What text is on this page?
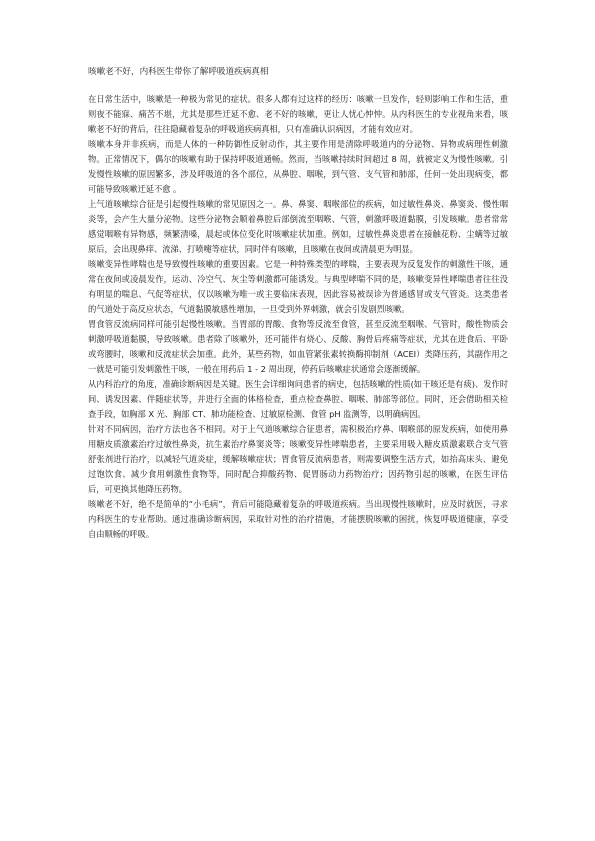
咳嗽老不好，内科医生带你了解呼吸道疾病真相

在日常生活中，咳嗽是一种极为常见的症状。很多人都有过这样的经历：咳嗽一旦发作，轻则影响工作和生活，重则夜不能寐、痛苦不堪，尤其是那些迁延不愈、老不好的咳嗽，更让人忧心忡忡。从内科医生的专业视角来看，咳嗽老不好的背后，往往隐藏着复杂的呼吸道疾病真相，只有准确认识病因，才能有效应对。

咳嗽本身并非疾病，而是人体的一种防御性反射动作，其主要作用是清除呼吸道内的分泌物、异物或病理性刺激物。正常情况下，偶尔的咳嗽有助于保持呼吸道通畅。然而，当咳嗽持续时间超过 8 周，就被定义为慢性咳嗽。引发慢性咳嗽的原因繁多，涉及呼吸道的各个部位，从鼻腔、咽喉，到气管、支气管和肺部，任何一处出现病变，都可能导致咳嗽迁延不愈 。

上气道咳嗽综合征是引起慢性咳嗽的常见原因之一。鼻、鼻窦、咽喉部位的疾病，如过敏性鼻炎、鼻窦炎、慢性咽炎等，会产生大量分泌物。这些分泌物会顺着鼻腔后部倒流至咽喉、气管，刺激呼吸道黏膜，引发咳嗽。患者常常感觉咽喉有异物感，频繁清嗓，晨起或体位变化时咳嗽症状加重。例如，过敏性鼻炎患者在接触花粉、尘螨等过敏原后，会出现鼻痒、流涕、打喷嚏等症状，同时伴有咳嗽，且咳嗽在夜间或清晨更为明显。

咳嗽变异性哮喘也是导致慢性咳嗽的重要因素。它是一种特殊类型的哮喘，主要表现为反复发作的刺激性干咳，通常在夜间或凌晨发作，运动、冷空气、灰尘等刺激都可能诱发。与典型哮喘不同的是，咳嗽变异性哮喘患者往往没有明显的喘息、气促等症状，仅以咳嗽为唯一或主要临床表现，因此容易被误诊为普通感冒或支气管炎。这类患者的气道处于高反应状态，气道黏膜敏感性增加，一旦受到外界刺激，就会引发剧烈咳嗽。

胃食管反流病同样可能引起慢性咳嗽。当胃部的胃酸、食物等反流至食管，甚至反流至咽喉、气管时，酸性物质会刺激呼吸道黏膜，导致咳嗽。患者除了咳嗽外，还可能伴有烧心、反酸、胸骨后疼痛等症状，尤其在进食后、平卧或弯腰时，咳嗽和反流症状会加重。此外，某些药物，如血管紧张素转换酶抑制剂（ACEI）类降压药，其副作用之一就是可能引发刺激性干咳，一般在用药后 1 - 2 周出现，停药后咳嗽症状通常会逐渐缓解。

从内科治疗的角度，准确诊断病因是关键。医生会详细询问患者的病史，包括咳嗽的性质(如干咳还是有痰)、发作时间、诱发因素、伴随症状等，并进行全面的体格检查，重点检查鼻腔、咽喉、肺部等部位。同时，还会借助相关检查手段，如胸部 X 光、胸部 CT、肺功能检查、过敏原检测、食管 pH 监测等，以明确病因。

针对不同病因，治疗方法也各不相同。对于上气道咳嗽综合征患者，需积极治疗鼻、咽喉部的原发疾病，如使用鼻用糖皮质激素治疗过敏性鼻炎，抗生素治疗鼻窦炎等；咳嗽变异性哮喘患者，主要采用吸入糖皮质激素联合支气管舒张剂进行治疗，以减轻气道炎症，缓解咳嗽症状；胃食管反流病患者，则需要调整生活方式，如抬高床头、避免过饱饮食、减少食用刺激性食物等，同时配合抑酸药物、促胃肠动力药物治疗；因药物引起的咳嗽，在医生评估后，可更换其他降压药物。

咳嗽老不好，绝不是简单的“小毛病”，背后可能隐藏着复杂的呼吸道疾病。当出现慢性咳嗽时，应及时就医，寻求内科医生的专业帮助。通过准确诊断病因，采取针对性的治疗措施，才能摆脱咳嗽的困扰，恢复呼吸道健康，享受自由顺畅的呼吸。
